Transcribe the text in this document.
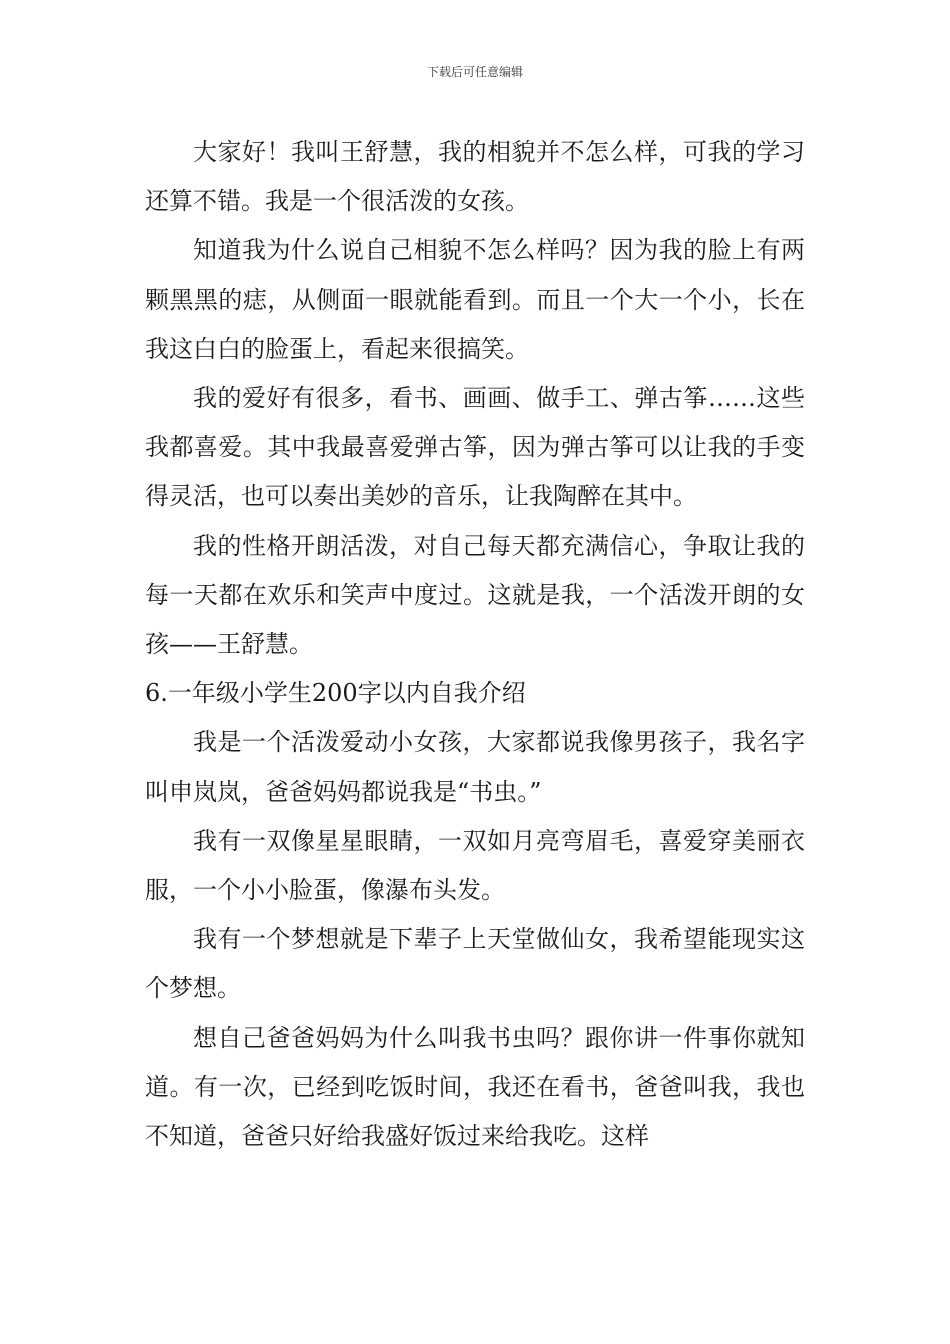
下载后可任意编辑

大家好！我叫王舒慧，我的相貌并不怎么样，可我的学习还算不错。我是一个很活泼的女孩。

知道我为什么说自己相貌不怎么样吗？因为我的脸上有两颗黑黑的痣，从侧面一眼就能看到。而且一个大一个小，长在我这白白的脸蛋上，看起来很搞笑。

我的爱好有很多，看书、画画、做手工、弹古筝……这些我都喜爱。其中我最喜爱弹古筝，因为弹古筝可以让我的手变得灵活，也可以奏出美妙的音乐，让我陶醉在其中。

我的性格开朗活泼，对自己每天都充满信心，争取让我的每一天都在欢乐和笑声中度过。这就是我，一个活泼开朗的女孩——王舒慧。

6.一年级小学生200字以内自我介绍

我是一个活泼爱动小女孩，大家都说我像男孩子，我名字叫申岚岚，爸爸妈妈都说我是“书虫。”

我有一双像星星眼睛，一双如月亮弯眉毛，喜爱穿美丽衣服，一个小小脸蛋，像瀑布头发。

我有一个梦想就是下辈子上天堂做仙女，我希望能现实这个梦想。

想自己爸爸妈妈为什么叫我书虫吗？跟你讲一件事你就知道。有一次，已经到吃饭时间，我还在看书，爸爸叫我，我也不知道，爸爸只好给我盛好饭过来给我吃。这样
